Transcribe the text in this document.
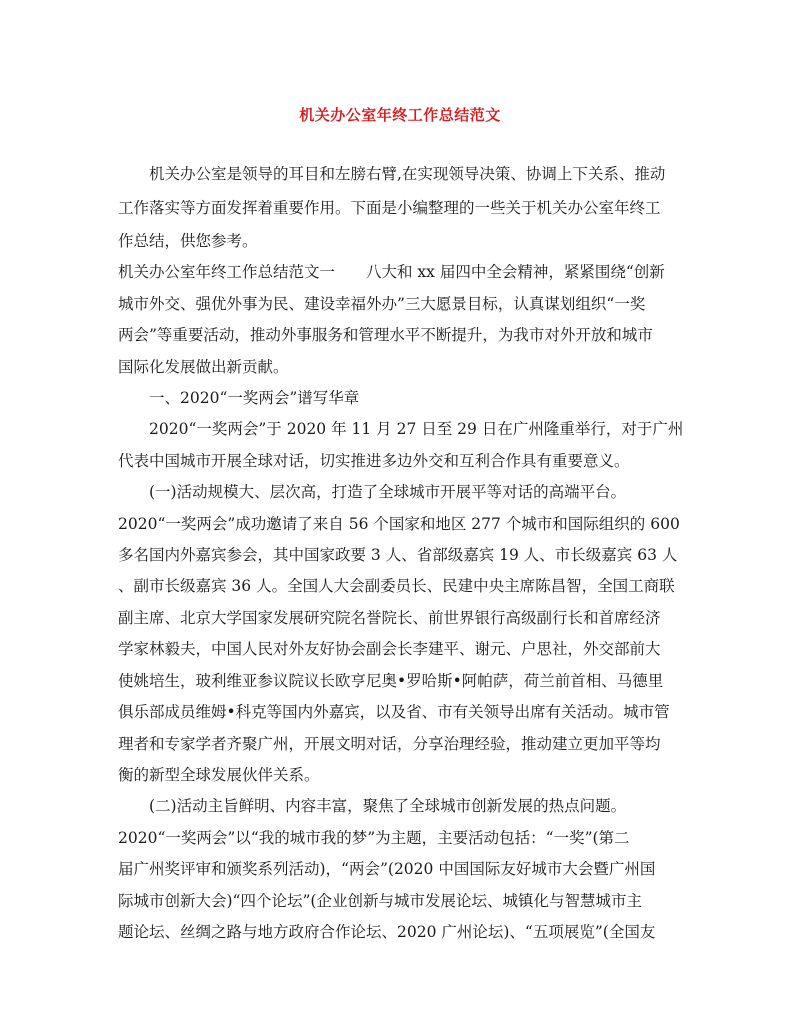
机关办公室年终工作总结范文
机关办公室是领导的耳目和左膀右臂,在实现领导决策、协调上下关系、推动
工作落实等方面发挥着重要作用。下面是小编整理的一些关于机关办公室年终工
作总结，供您参考。
机关办公室年终工作总结范文一　　八大和 xx 届四中全会精神，紧紧围绕“创新
城市外交、强优外事为民、建设幸福外办”三大愿景目标，认真谋划组织“一奖
两会”等重要活动，推动外事服务和管理水平不断提升，为我市对外开放和城市
国际化发展做出新贡献。
一、2020“一奖两会”谱写华章
2020“一奖两会”于 2020 年 11 月 27 日至 29 日在广州隆重举行，对于广州
代表中国城市开展全球对话，切实推进多边外交和互利合作具有重要意义。
(一)活动规模大、层次高，打造了全球城市开展平等对话的高端平台。
2020“一奖两会”成功邀请了来自 56 个国家和地区 277 个城市和国际组织的 600
多名国内外嘉宾参会，其中国家政要 3 人、省部级嘉宾 19 人、市长级嘉宾 63 人
、副市长级嘉宾 36 人。全国人大会副委员长、民建中央主席陈昌智，全国工商联
副主席、北京大学国家发展研究院名誉院长、前世界银行高级副行长和首席经济
学家林毅夫，中国人民对外友好协会副会长李建平、谢元、户思社，外交部前大
使姚培生，玻利维亚参议院议长欧亨尼奥•罗哈斯•阿帕萨，荷兰前首相、马德里
俱乐部成员维姆•科克等国内外嘉宾，以及省、市有关领导出席有关活动。城市管
理者和专家学者齐聚广州，开展文明对话，分享治理经验，推动建立更加平等均
衡的新型全球发展伙伴关系。
(二)活动主旨鲜明、内容丰富，聚焦了全球城市创新发展的热点问题。
2020“一奖两会”以“我的城市我的梦”为主题，主要活动包括：“一奖”(第二
届广州奖评审和颁奖系列活动)，“两会”(2020 中国国际友好城市大会暨广州国
际城市创新大会)“四个论坛”(企业创新与城市发展论坛、城镇化与智慧城市主
题论坛、丝绸之路与地方政府合作论坛、2020 广州论坛)、“五项展览”(全国友
